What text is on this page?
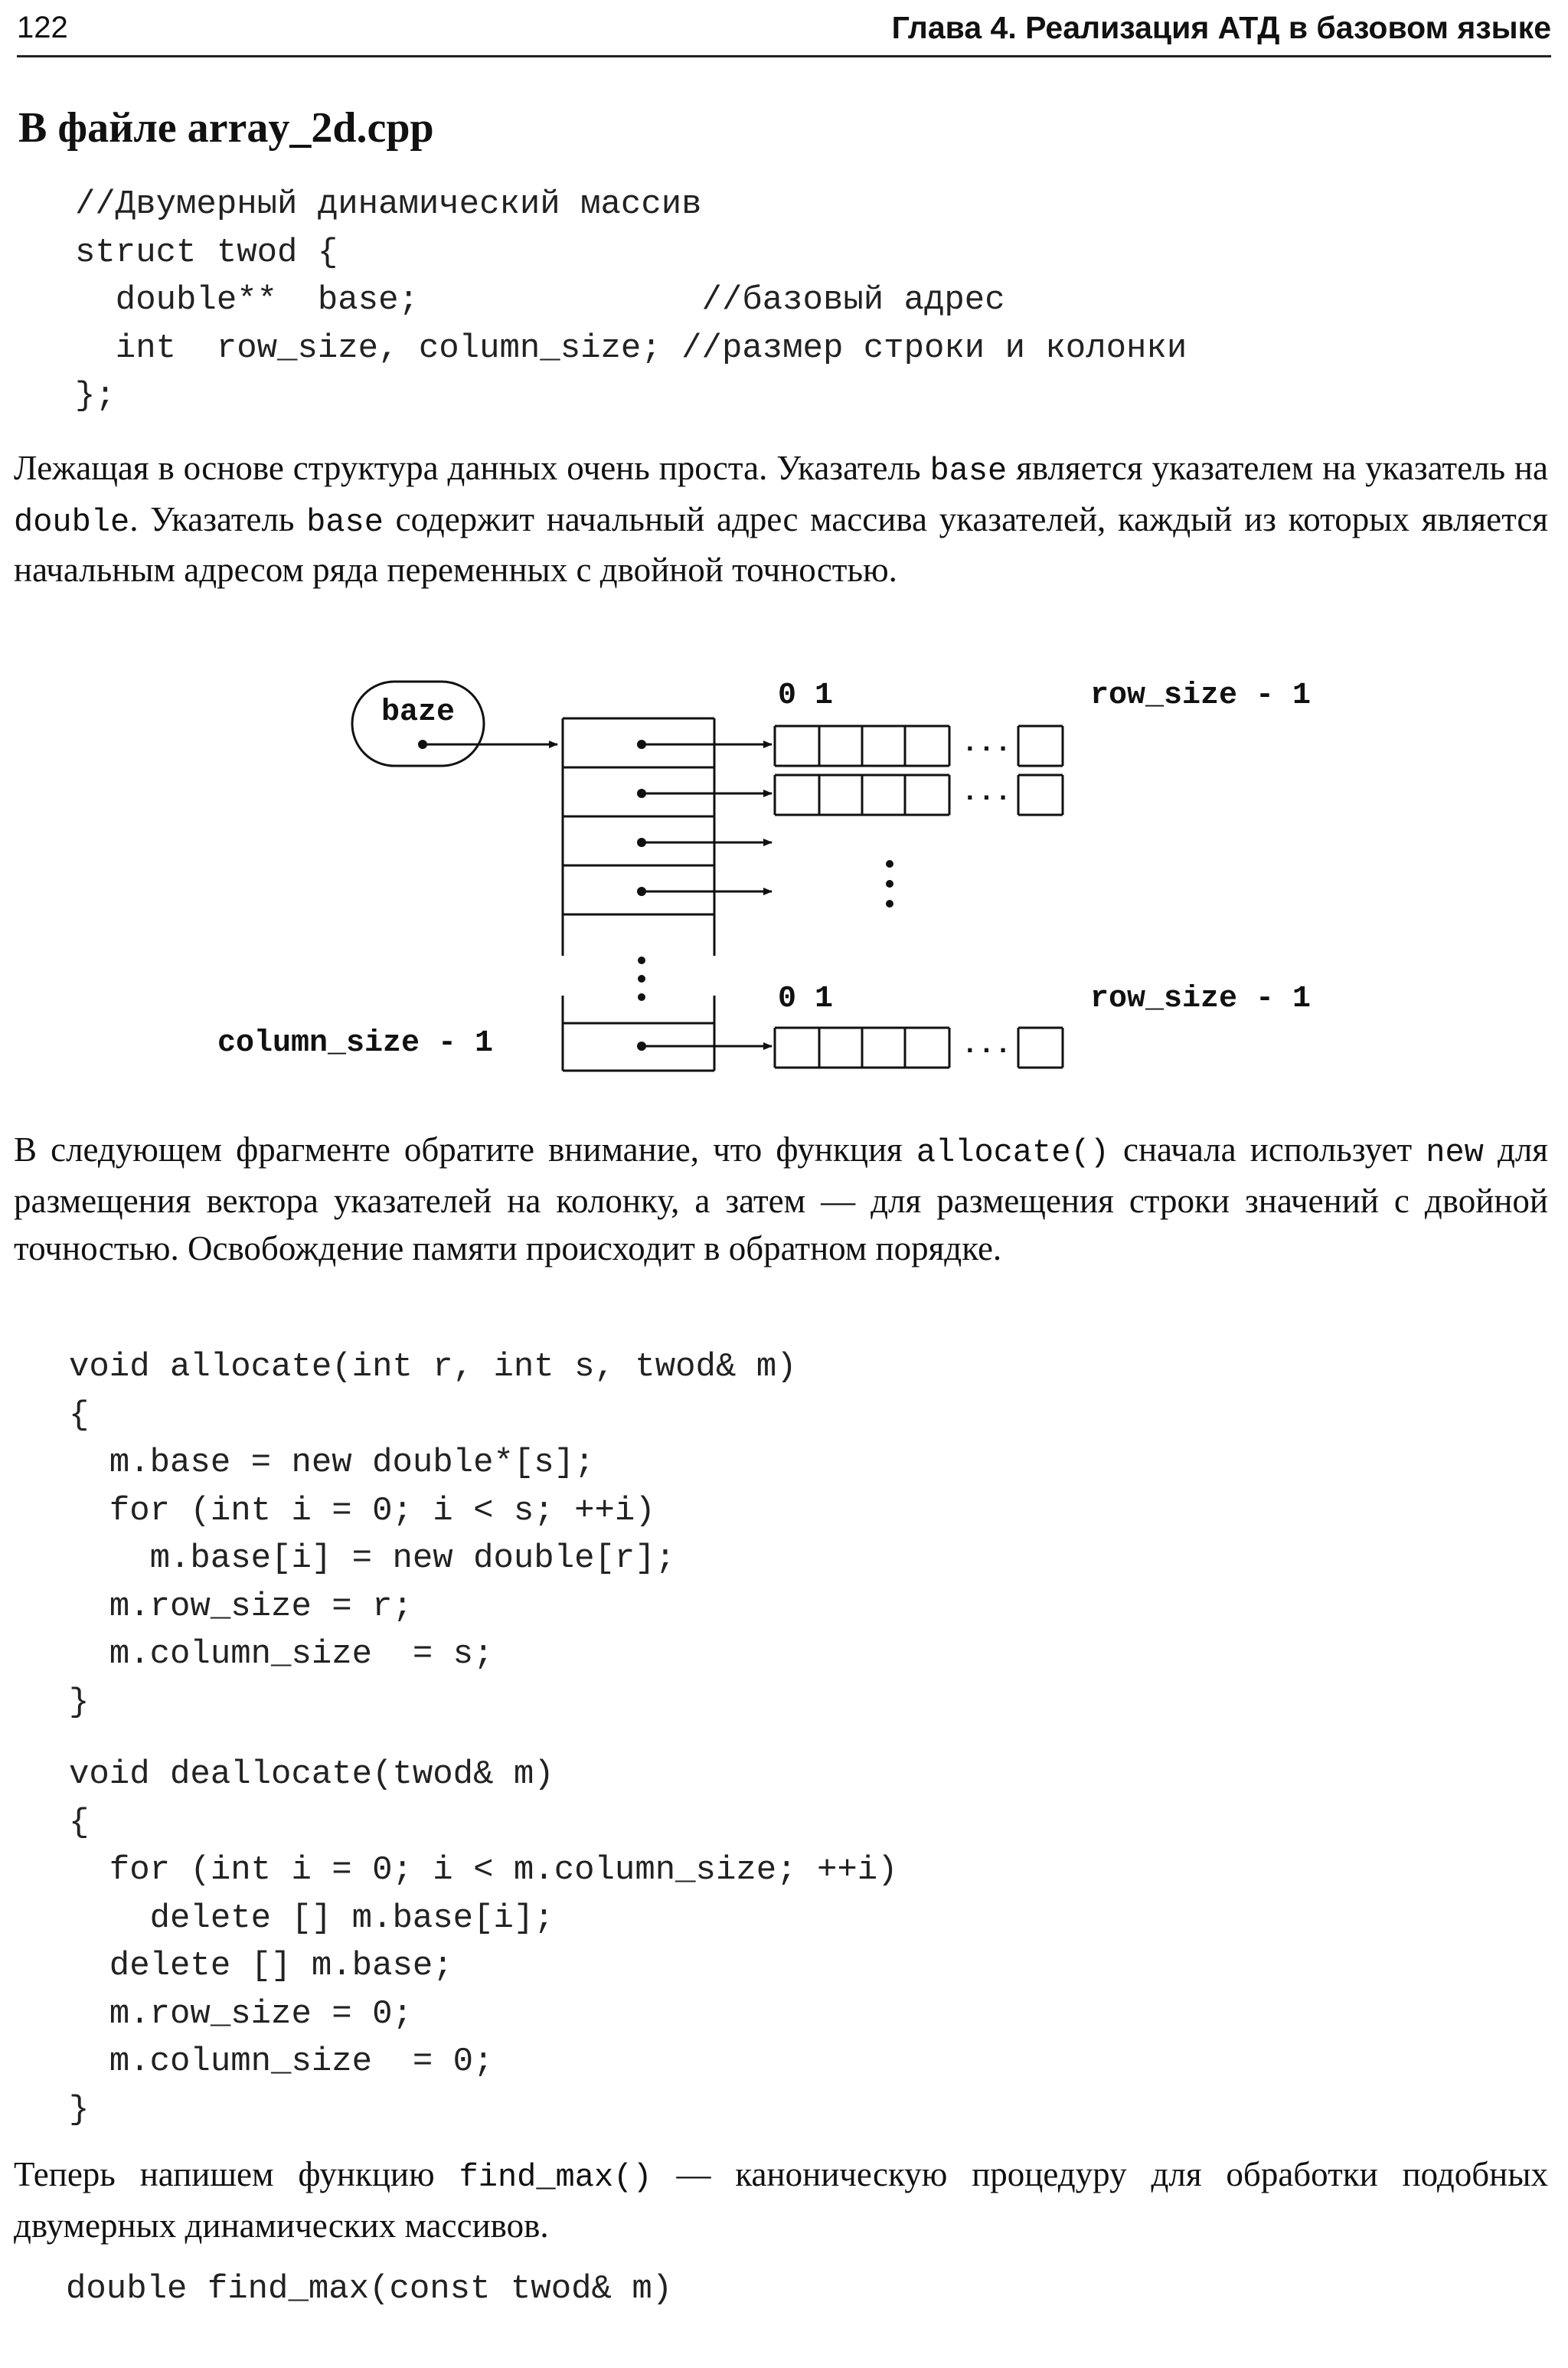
122	Глава 4. Реализация АТД в базовом языке
В файле array_2d.cpp
//Двумерный динамический массив
struct twod {
double**  base;              //базовый адрес
int  row_size, column_size; //размер строки и колонки
};

Лежащая в основе структура данных очень проста. Указатель base является указателем на указатель на double. Указатель base содержит начальный адрес массива указателей, каждый из которых является начальным адресом ряда переменных с двойной точностью.

baze
...
...
...
0 1	row_size - 1
0 1	row_size - 1
column_size - 1

В следующем фрагменте обратите внимание, что функция allocate() сначала использует new для размещения вектора указателей на колонку, а затем — для размещения строки значений с двойной точностью. Освобождение памяти происходит в обратном порядке.

void allocate(int r, int s, twod& m)
{
m.base = new double*[s];
for (int i = 0; i < s; ++i)
m.base[i] = new double[r];
m.row_size = r;
m.column_size  = s;
}
void deallocate(twod& m)
{
for (int i = 0; i < m.column_size; ++i)
delete [] m.base[i];
delete [] m.base;
m.row_size = 0;
m.column_size  = 0;
}

Теперь напишем функцию find_max() — каноническую процедуру для обработки подобных двумерных динамических массивов.

double find_max(const twod& m)
